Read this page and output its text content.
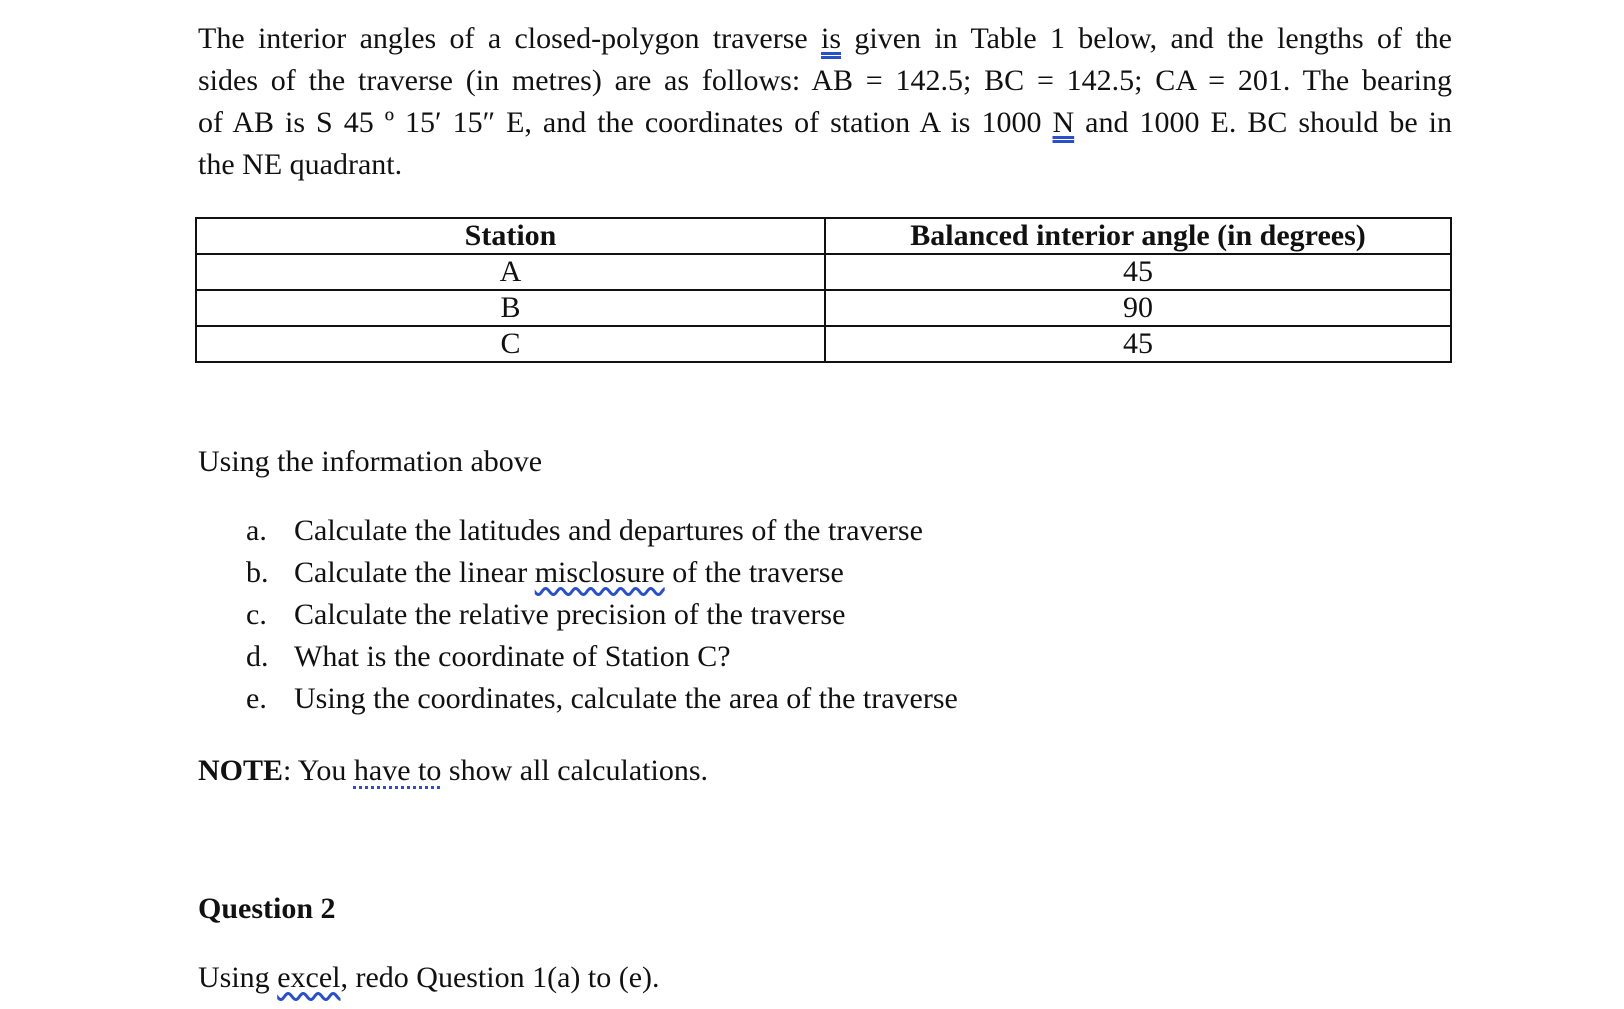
The interior angles of a closed-polygon traverse is given in Table 1 below, and the lengths of the
sides of the traverse (in metres) are as follows: AB = 142.5; BC = 142.5; CA = 201. The bearing
of AB is S 45 º 15′ 15″ E, and the coordinates of station A is 1000 N and 1000 E. BC should be in
the NE quadrant.
Station	Balanced interior angle (in degrees)
A	45
B	90
C	45
Using the information above
a. Calculate the latitudes and departures of the traverse
b. Calculate the linear misclosure of the traverse
c. Calculate the relative precision of the traverse
d. What is the coordinate of Station C?
e. Using the coordinates, calculate the area of the traverse
NOTE: You have to show all calculations.
Question 2
Using excel, redo Question 1(a) to (e).
